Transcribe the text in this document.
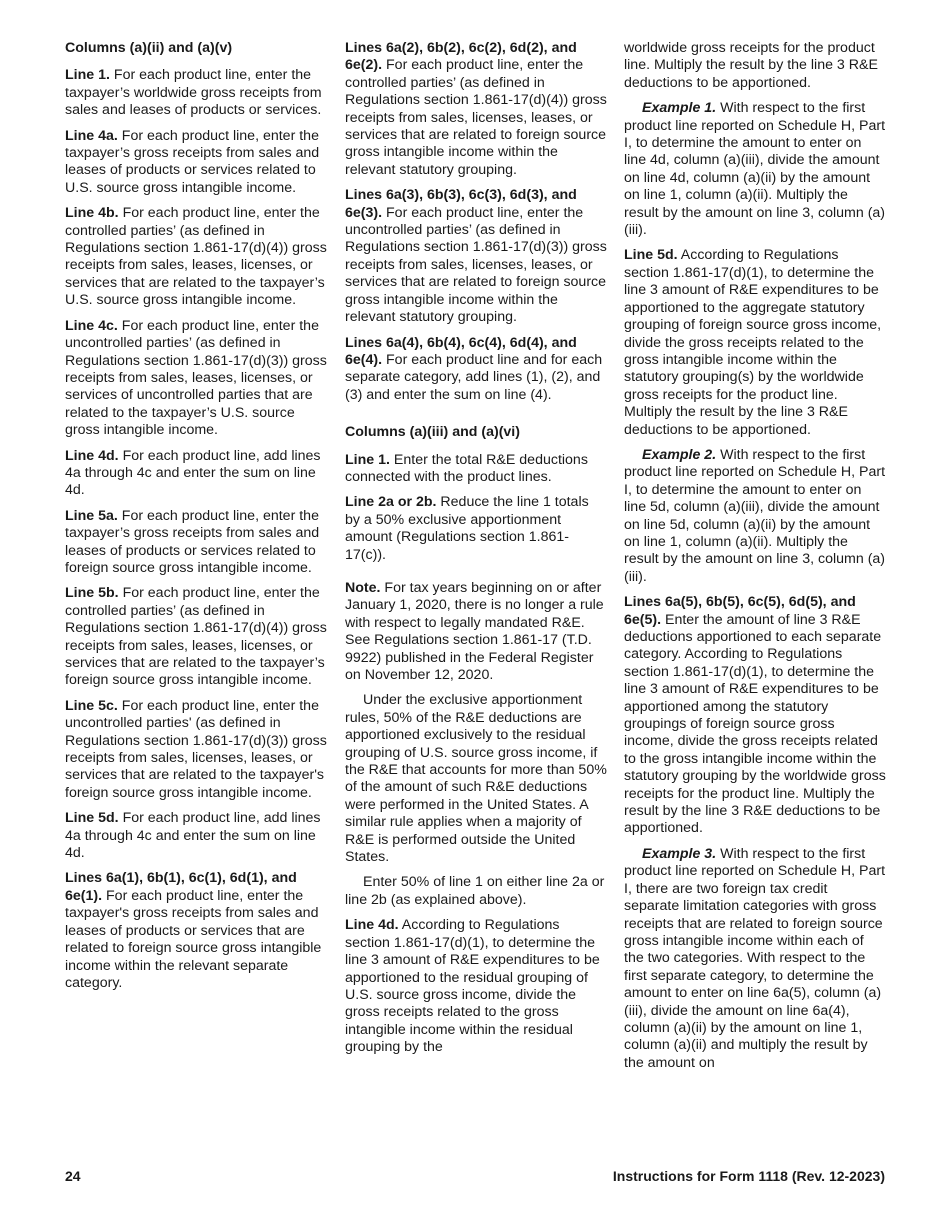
Columns (a)(ii) and (a)(v)

Line 1. For each product line, enter the taxpayer’s worldwide gross receipts from sales and leases of products or services.

Line 4a. For each product line, enter the taxpayer’s gross receipts from sales and leases of products or services related to U.S. source gross intangible income.

Line 4b. For each product line, enter the controlled parties’ (as defined in Regulations section 1.861-17(d)(4)) gross receipts from sales, leases, licenses, or services that are related to the taxpayer’s U.S. source gross intangible income.

Line 4c. For each product line, enter the uncontrolled parties’ (as defined in Regulations section 1.861-17(d)(3)) gross receipts from sales, leases, licenses, or services of uncontrolled parties that are related to the taxpayer’s U.S. source gross intangible income.

Line 4d. For each product line, add lines 4a through 4c and enter the sum on line 4d.

Line 5a. For each product line, enter the taxpayer’s gross receipts from sales and leases of products or services related to foreign source gross intangible income.

Line 5b. For each product line, enter the controlled parties’ (as defined in Regulations section 1.861-17(d)(4)) gross receipts from sales, leases, licenses, or services that are related to the taxpayer’s foreign source gross intangible income.

Line 5c. For each product line, enter the uncontrolled parties' (as defined in Regulations section 1.861-17(d)(3)) gross receipts from sales, licenses, leases, or services that are related to the taxpayer's foreign source gross intangible income.

Line 5d. For each product line, add lines 4a through 4c and enter the sum on line 4d.

Lines 6a(1), 6b(1), 6c(1), 6d(1), and 6e(1). For each product line, enter the taxpayer's gross receipts from sales and leases of products or services that are related to foreign source gross intangible income within the relevant separate category.

Lines 6a(2), 6b(2), 6c(2), 6d(2), and 6e(2). For each product line, enter the controlled parties’ (as defined in Regulations section 1.861-17(d)(4)) gross receipts from sales, licenses, leases, or services that are related to foreign source gross intangible income within the relevant statutory grouping.

Lines 6a(3), 6b(3), 6c(3), 6d(3), and 6e(3). For each product line, enter the uncontrolled parties’ (as defined in Regulations section 1.861-17(d)(3)) gross receipts from sales, licenses, leases, or services that are related to foreign source gross intangible income within the relevant statutory grouping.

Lines 6a(4), 6b(4), 6c(4), 6d(4), and 6e(4). For each product line and for each separate category, add lines (1), (2), and (3) and enter the sum on line (4).

Columns (a)(iii) and (a)(vi)

Line 1. Enter the total R&E deductions connected with the product lines.

Line 2a or 2b. Reduce the line 1 totals by a 50% exclusive apportionment amount (Regulations section 1.861-17(c)).

Note. For tax years beginning on or after January 1, 2020, there is no longer a rule with respect to legally mandated R&E. See Regulations section 1.861-17 (T.D. 9922) published in the Federal Register on November 12, 2020.

Under the exclusive apportionment rules, 50% of the R&E deductions are apportioned exclusively to the residual grouping of U.S. source gross income, if the R&E that accounts for more than 50% of the amount of such R&E deductions were performed in the United States. A similar rule applies when a majority of R&E is performed outside the United States.

Enter 50% of line 1 on either line 2a or line 2b (as explained above).

Line 4d. According to Regulations section 1.861-17(d)(1), to determine the line 3 amount of R&E expenditures to be apportioned to the residual grouping of U.S. source gross income, divide the gross receipts related to the gross intangible income within the residual grouping by the

worldwide gross receipts for the product line. Multiply the result by the line 3 R&E deductions to be apportioned.

Example 1. With respect to the first product line reported on Schedule H, Part I, to determine the amount to enter on line 4d, column (a)(iii), divide the amount on line 4d, column (a)(ii) by the amount on line 1, column (a)(ii). Multiply the result by the amount on line 3, column (a)(iii).

Line 5d. According to Regulations section 1.861-17(d)(1), to determine the line 3 amount of R&E expenditures to be apportioned to the aggregate statutory grouping of foreign source gross income, divide the gross receipts related to the gross intangible income within the statutory grouping(s) by the worldwide gross receipts for the product line. Multiply the result by the line 3 R&E deductions to be apportioned.

Example 2. With respect to the first product line reported on Schedule H, Part I, to determine the amount to enter on line 5d, column (a)(iii), divide the amount on line 5d, column (a)(ii) by the amount on line 1, column (a)(ii). Multiply the result by the amount on line 3, column (a)(iii).

Lines 6a(5), 6b(5), 6c(5), 6d(5), and 6e(5). Enter the amount of line 3 R&E deductions apportioned to each separate category. According to Regulations section 1.861-17(d)(1), to determine the line 3 amount of R&E expenditures to be apportioned among the statutory groupings of foreign source gross income, divide the gross receipts related to the gross intangible income within the statutory grouping by the worldwide gross receipts for the product line. Multiply the result by the line 3 R&E deductions to be apportioned.

Example 3. With respect to the first product line reported on Schedule H, Part I, there are two foreign tax credit separate limitation categories with gross receipts that are related to foreign source gross intangible income within each of the two categories. With respect to the first separate category, to determine the amount to enter on line 6a(5), column (a)(iii), divide the amount on line 6a(4), column (a)(ii) by the amount on line 1, column (a)(ii) and multiply the result by the amount on

24	Instructions for Form 1118 (Rev. 12-2023)
